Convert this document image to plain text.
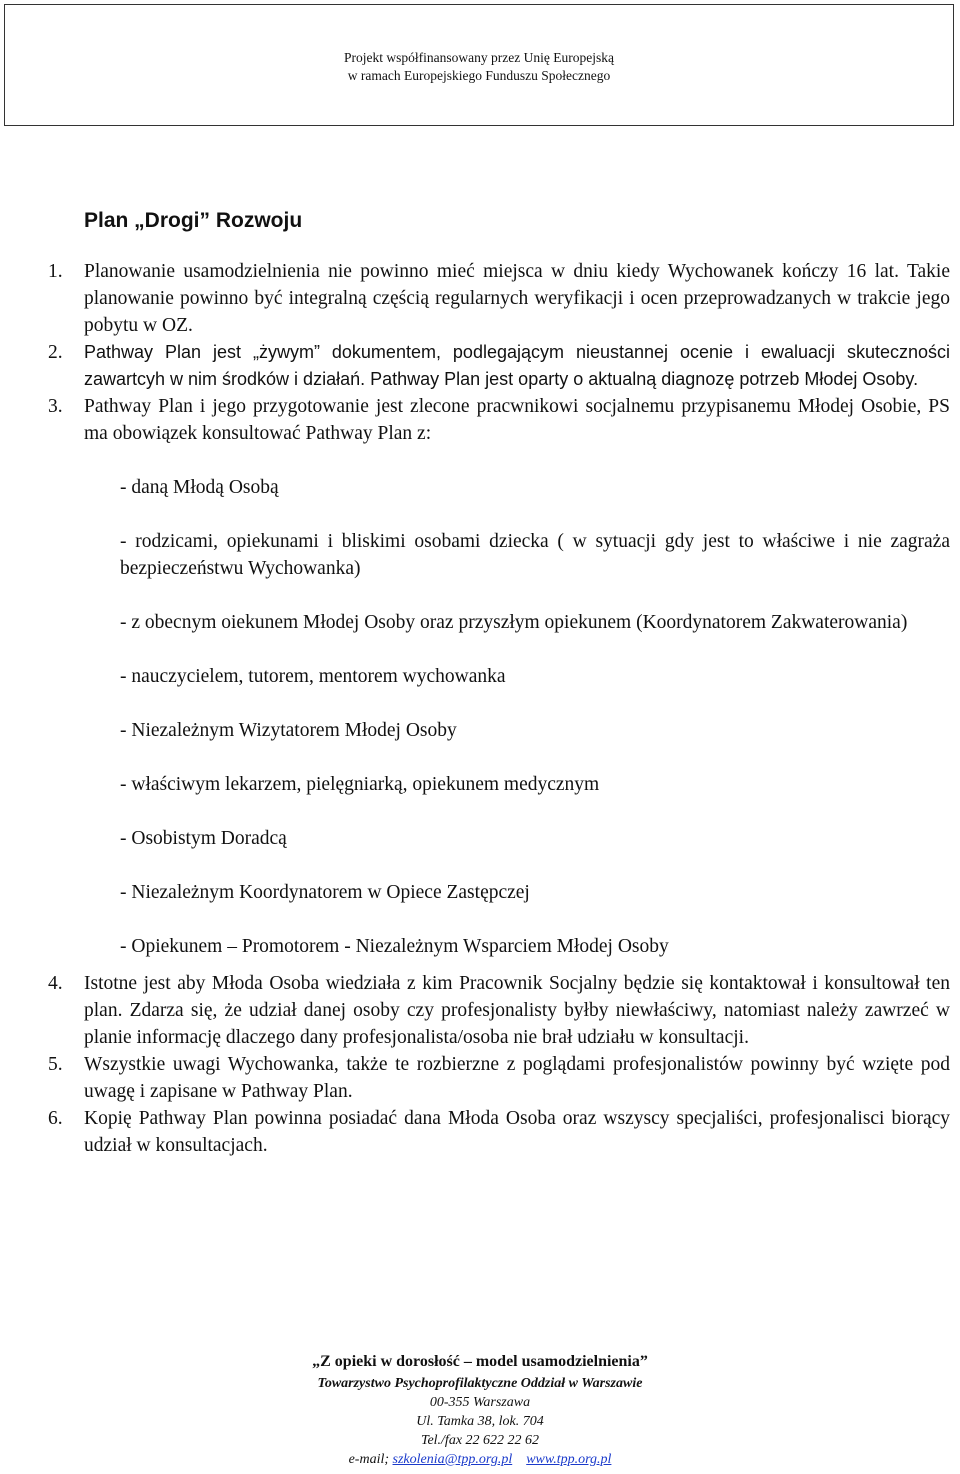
Projekt współfinansowany przez Unię Europejską
w ramach Europejskiego Funduszu Społecznego
Plan „Drogi” Rozwoju
1. Planowanie usamodzielnienia nie powinno mieć miejsca w dniu kiedy Wychowanek kończy 16 lat. Takie planowanie powinno być integralną częścią regularnych weryfikacji i ocen przeprowadzanych w trakcie jego pobytu w OZ.

2. Pathway Plan jest „żywym” dokumentem, podlegającym nieustannej ocenie i ewaluacji skuteczności zawartcyh w nim środków i działań. Pathway Plan jest oparty o aktualną diagnozę potrzeb Młodej Osoby.

3. Pathway Plan i jego przygotowanie jest zlecone pracwnikowi socjalnemu przypisanemu Młodej Osobie, PS ma obowiązek konsultować Pathway Plan z:

- daną Młodą Osobą
- rodzicami, opiekunami i bliskimi osobami dziecka ( w sytuacji gdy jest to właściwe i nie zagraża bezpieczeństwu Wychowanka)
- z obecnym oiekunem Młodej Osoby oraz przyszłym opiekunem (Koordynatorem Zakwaterowania)
- nauczycielem, tutorem, mentorem wychowanka
- Niezależnym Wizytatorem Młodej Osoby
- właściwym lekarzem, pielęgniarką, opiekunem medycznym
- Osobistym Doradcą
- Niezależnym Koordynatorem w Opiece Zastępczej
- Opiekunem – Promotorem - Niezależnym Wsparciem Młodej Osoby
4. Istotne jest aby Młoda Osoba wiedziała z kim Pracownik Socjalny będzie się kontaktował i konsultował ten plan. Zdarza się, że udział danej osoby czy profesjonalisty byłby niewłaściwy, natomiast należy zawrzeć w planie informację dlaczego dany profesjonalista/osoba nie brał udziału w konsultacji.

5. Wszystkie uwagi Wychowanka, także te rozbierzne z poglądami profesjonalistów powinny być wzięte pod uwagę i zapisane w Pathway Plan.

6. Kopię Pathway Plan powinna posiadać dana Młoda Osoba oraz wszyscy specjaliści, profesjonalisci biorący udział w konsultacjach.

„Z opieki w dorosłość – model usamodzielnienia”
Towarzystwo Psychoprofilaktyczne Oddział w Warszawie
00-355 Warszawa
Ul. Tamka 38, lok. 704
Tel./fax 22 622 22 62
e-mail; szkolenia@tpp.org.pl www.tpp.org.pl
